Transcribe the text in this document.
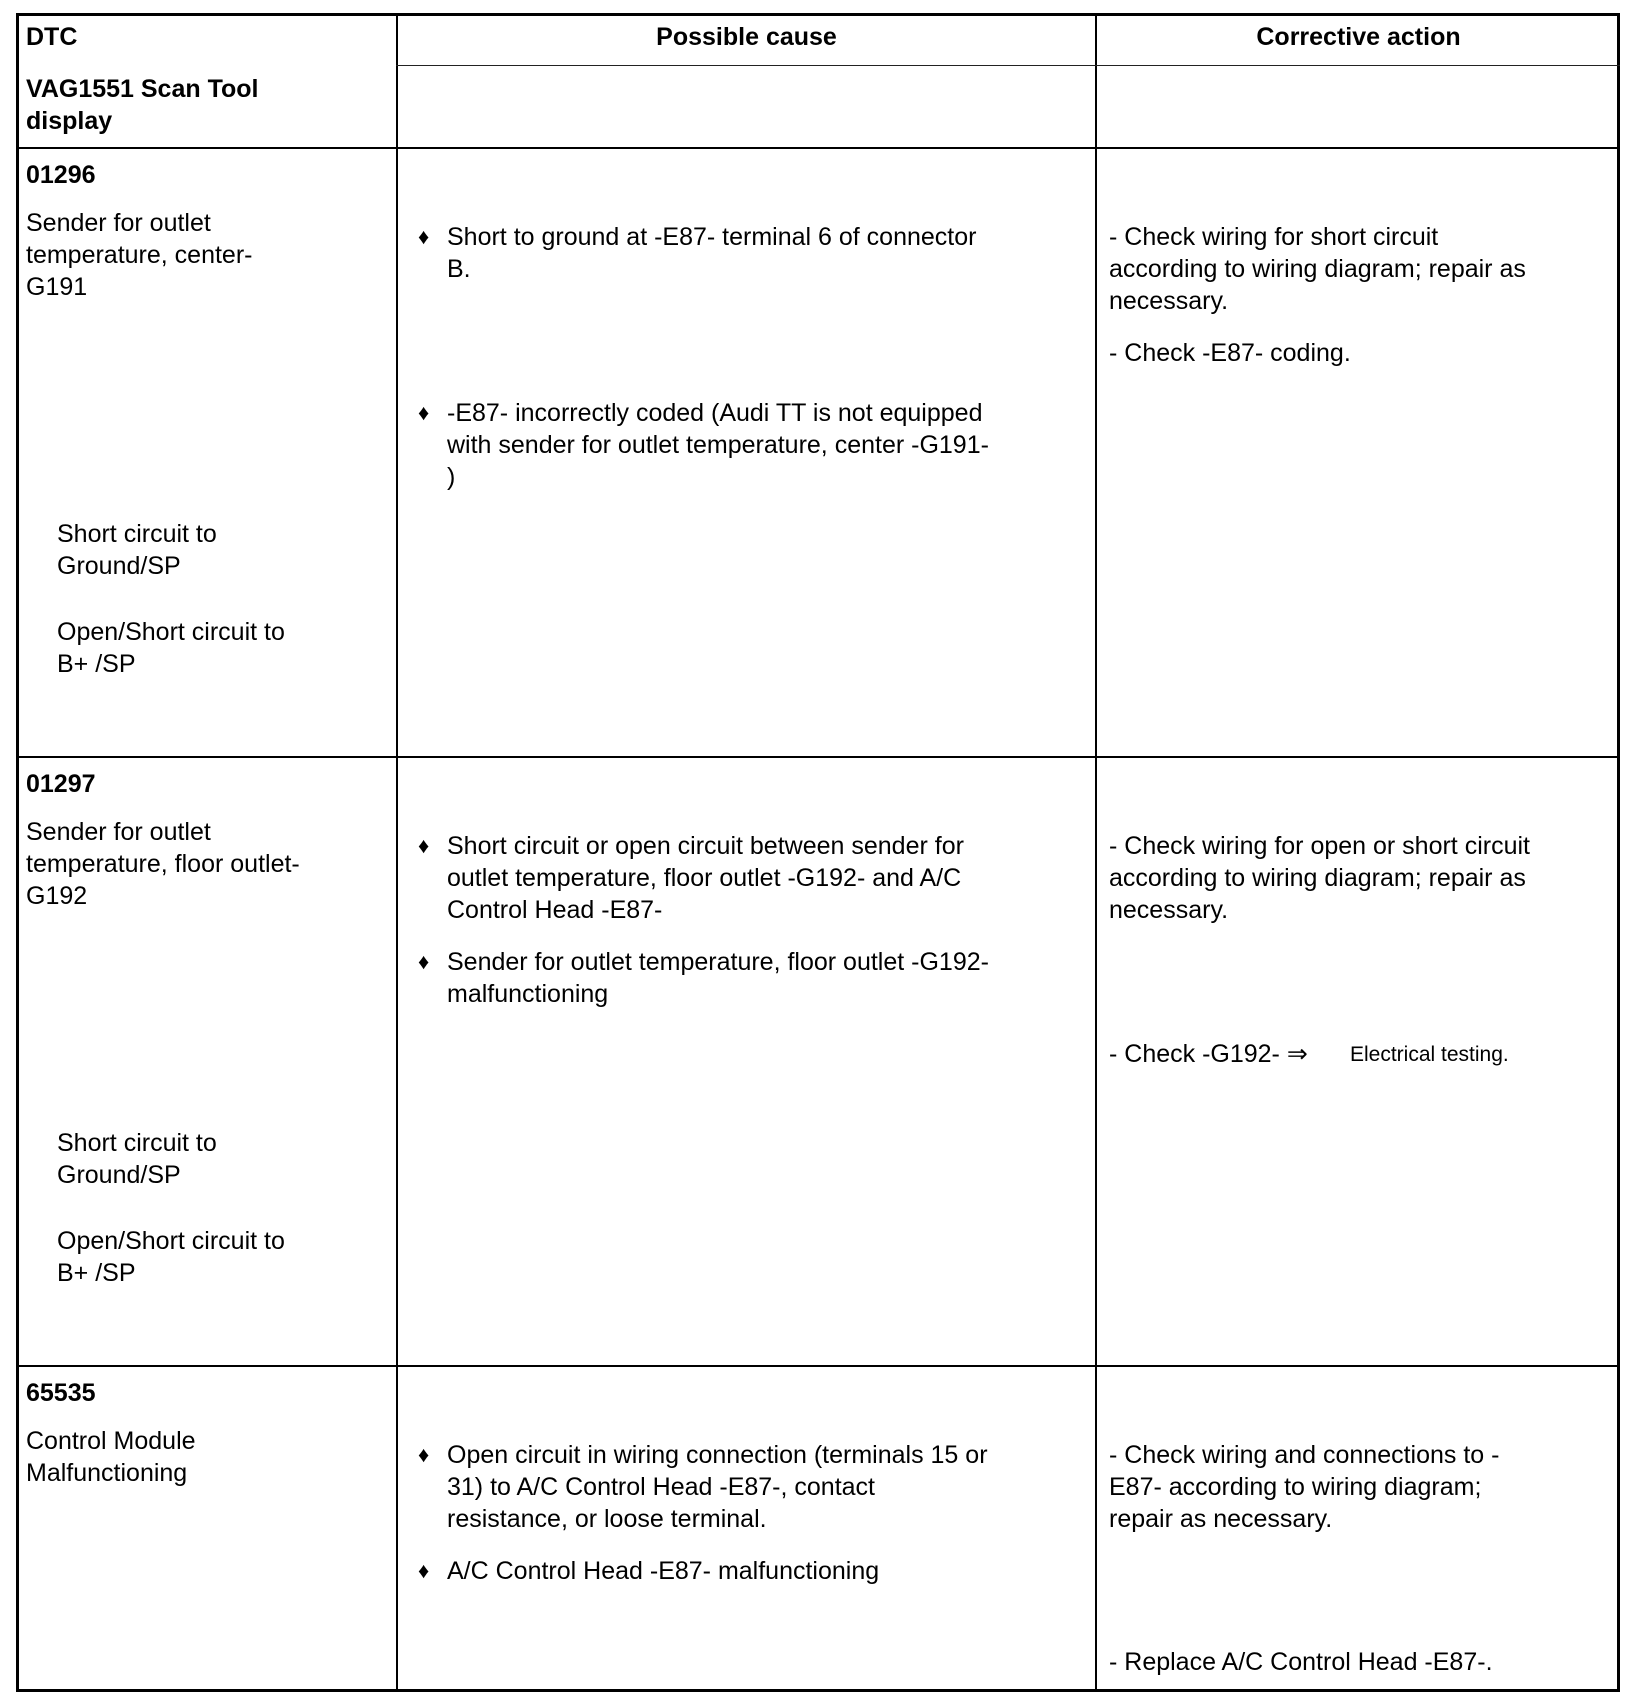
DTC
VAG1551 Scan Tool
display
Possible cause	Corrective action
01296
Sender for outlet
temperature, center-
G191
Short circuit to
Ground/SP
Open/Short circuit to
B+ /SP
♦ Short to ground at -E87- terminal 6 of connector
B.
♦ -E87- incorrectly coded (Audi TT is not equipped
with sender for outlet temperature, center -G191-
)
- Check wiring for short circuit
according to wiring diagram; repair as
necessary.
- Check -E87- coding.
01297
Sender for outlet
temperature, floor outlet-
G192
Short circuit to
Ground/SP
Open/Short circuit to
B+ /SP
♦ Short circuit or open circuit between sender for
outlet temperature, floor outlet -G192- and A/C
Control Head -E87-
♦ Sender for outlet temperature, floor outlet -G192-
malfunctioning
- Check wiring for open or short circuit
according to wiring diagram; repair as
necessary.
- Check -G192- ⇒ Electrical testing.
65535
Control Module
Malfunctioning
♦ Open circuit in wiring connection (terminals 15 or
31) to A/C Control Head -E87-, contact
resistance, or loose terminal.
♦ A/C Control Head -E87- malfunctioning
- Check wiring and connections to -
E87- according to wiring diagram;
repair as necessary.
- Replace A/C Control Head -E87-.
